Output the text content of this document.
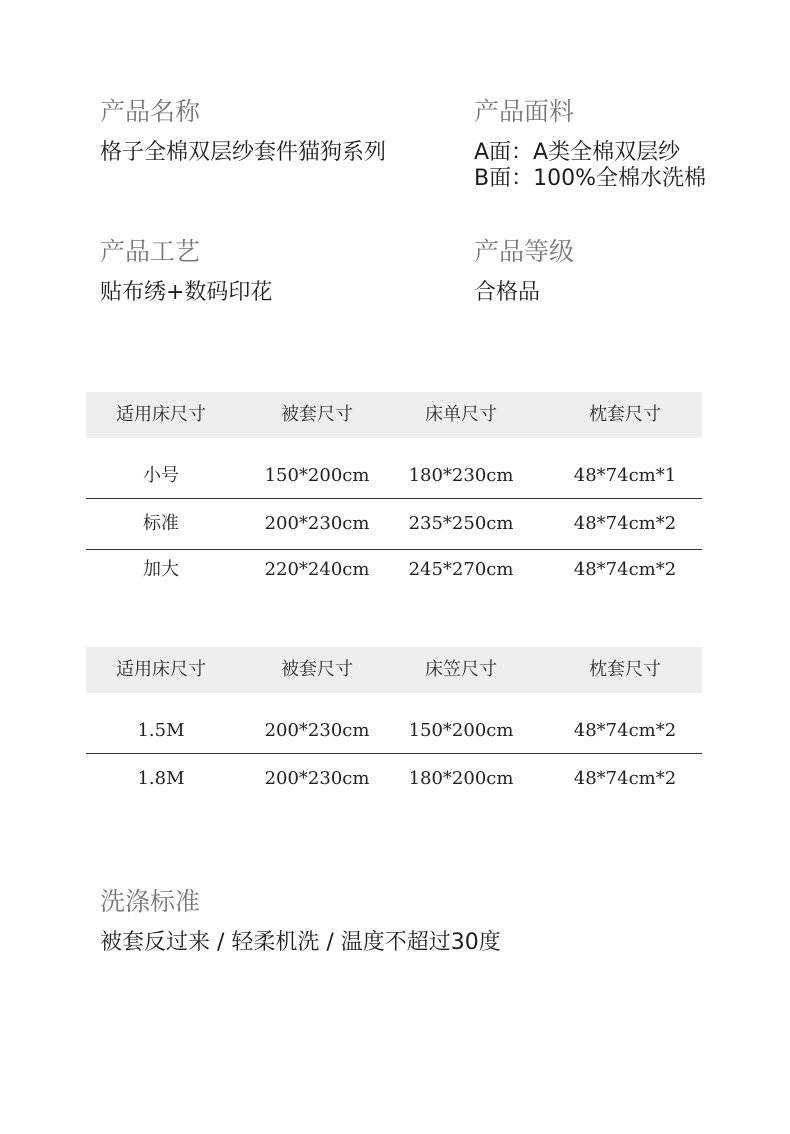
产品名称
格子全棉双层纱套件猫狗系列
产品面料
A面：A类全棉双层纱
B面：100%全棉水洗棉
产品工艺
贴布绣+数码印花
产品等级
合格品
适用床尺寸	被套尺寸	床单尺寸	枕套尺寸
小号	150*200cm	180*230cm	48*74cm*1
标准	200*230cm	235*250cm	48*74cm*2
加大	220*240cm	245*270cm	48*74cm*2
适用床尺寸	被套尺寸	床笠尺寸	枕套尺寸
1.5M	200*230cm	150*200cm	48*74cm*2
1.8M	200*230cm	180*200cm	48*74cm*2
洗涤标准
被套反过来 / 轻柔机洗 / 温度不超过30度
